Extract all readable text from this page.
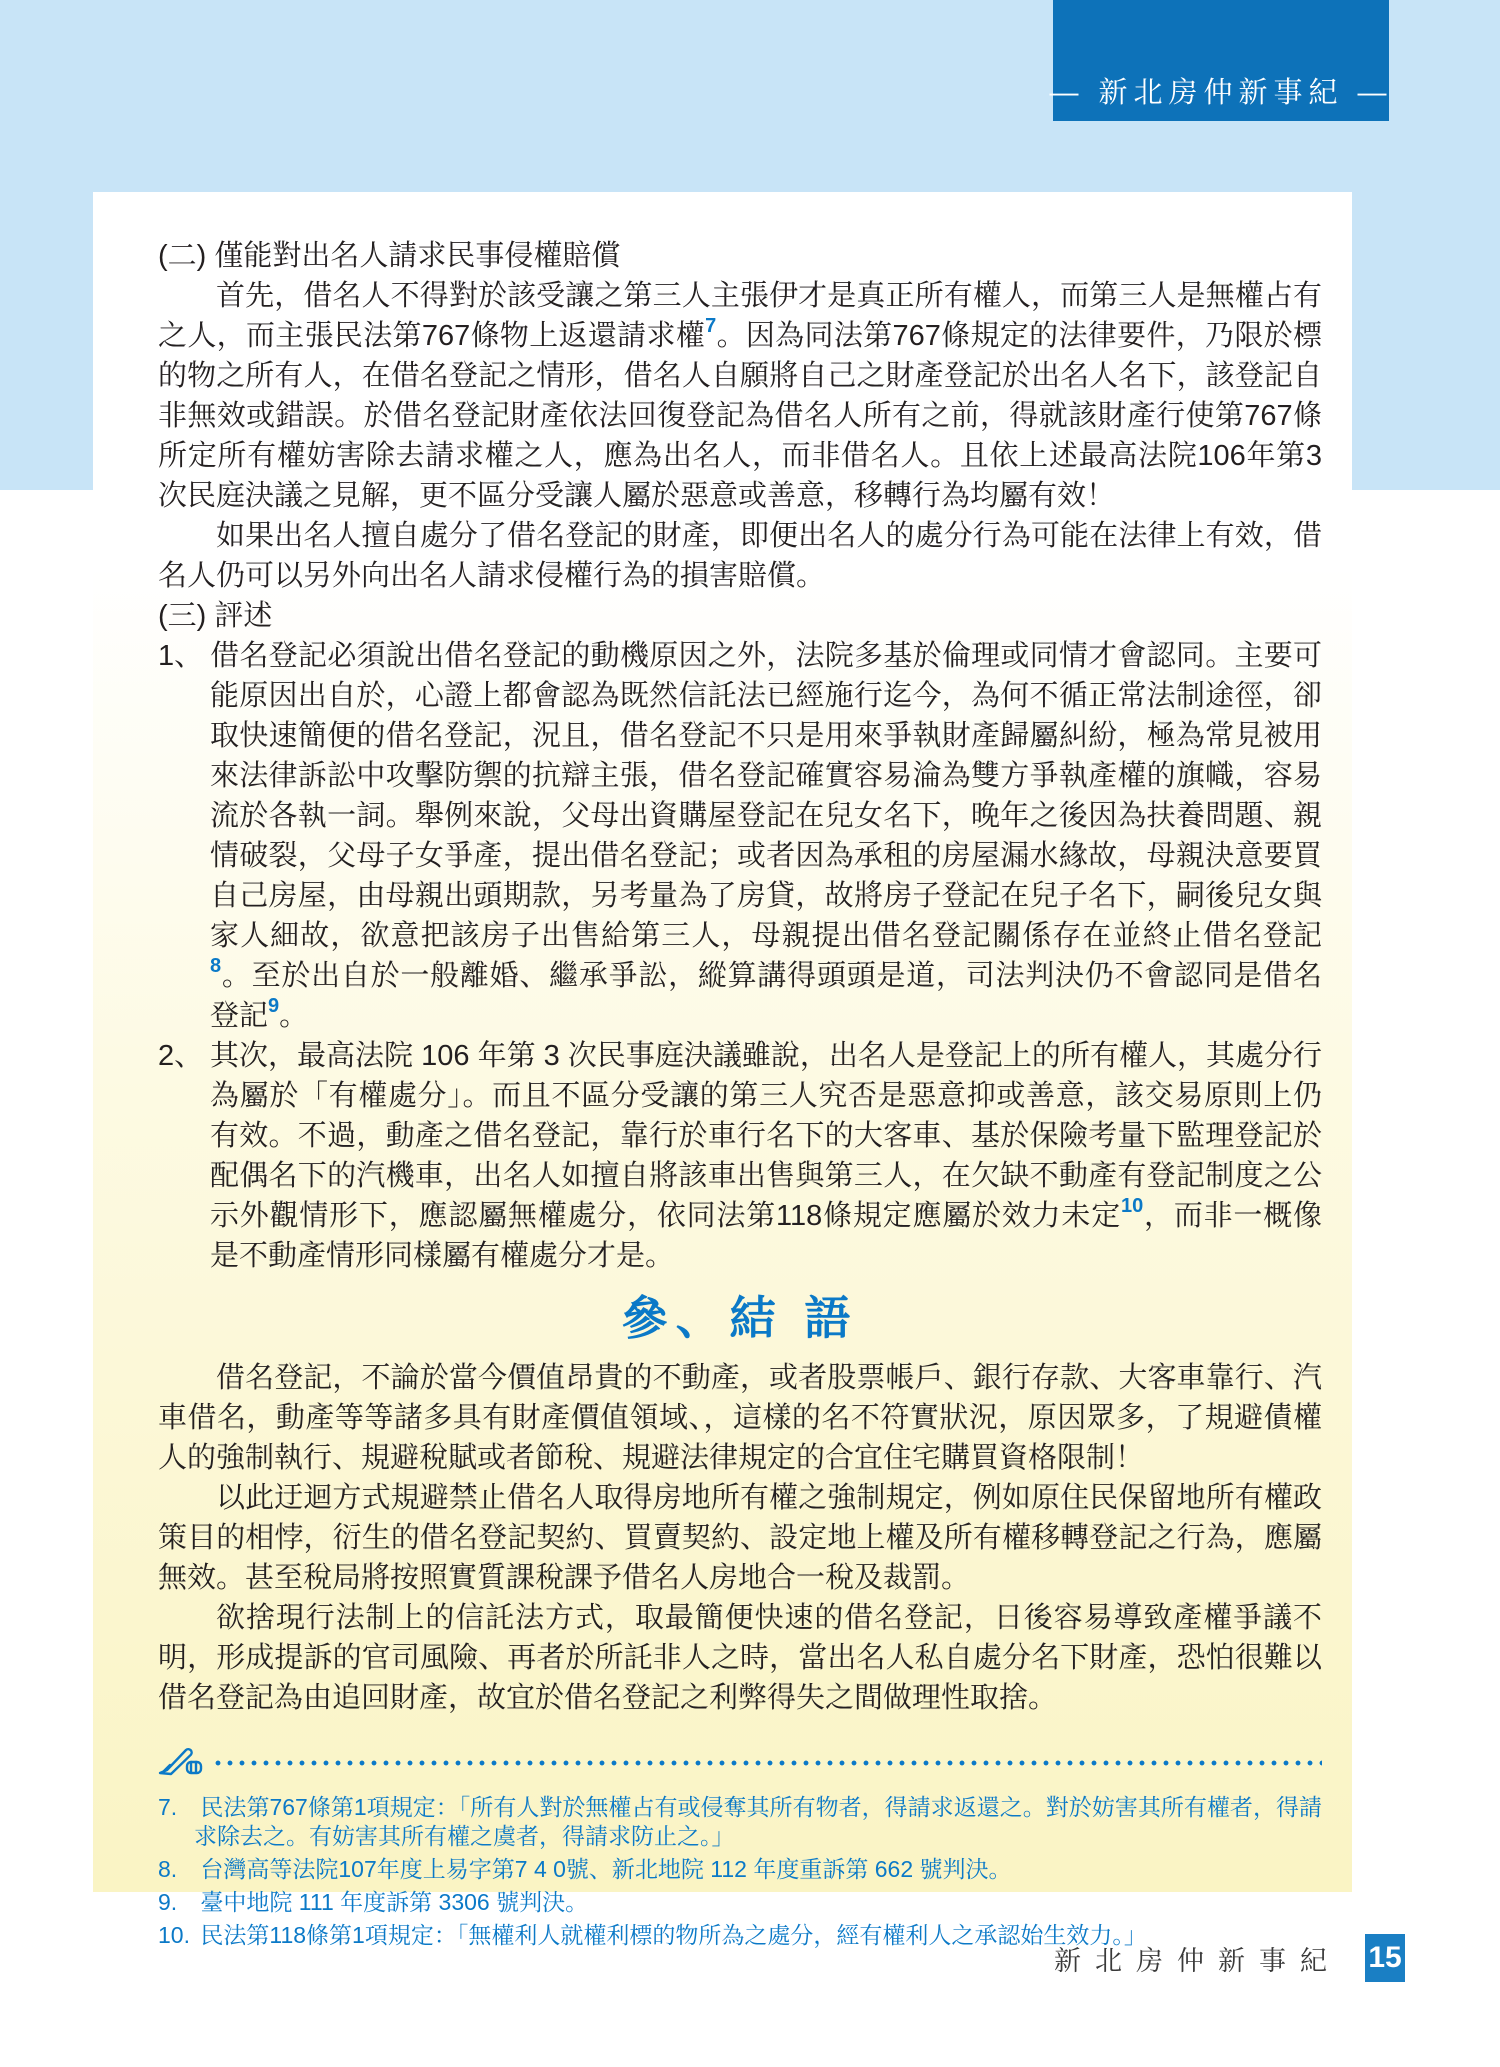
— 新北房仲新事紀 —
(二) 僅能對出名人請求民事侵權賠償
首先，借名人不得對於該受讓之第三人主張伊才是真正所有權人，而第三人是無權占有之人，而主張民法第767條物上返還請求權$^7$。因為同法第767條規定的法律要件，乃限於標的物之所有人，在借名登記之情形，借名人自願將自己之財產登記於出名人名下，該登記自非無效或錯誤。於借名登記財產依法回復登記為借名人所有之前，得就該財產行使第767條所定所有權妨害除去請求權之人，應為出名人，而非借名人。且依上述最高法院106年第3次民庭決議之見解，更不區分受讓人屬於惡意或善意，移轉行為均屬有效！
如果出名人擅自處分了借名登記的財產，即便出名人的處分行為可能在法律上有效，借名人仍可以另外向出名人請求侵權行為的損害賠償。
(三) 評述
1、 借名登記必須說出借名登記的動機原因之外，法院多基於倫理或同情才會認同。主要可能原因出自於，心證上都會認為既然信託法已經施行迄今，為何不循正常法制途徑，卻取快速簡便的借名登記，況且，借名登記不只是用來爭執財產歸屬糾紛，極為常見被用來法律訴訟中攻擊防禦的抗辯主張，借名登記確實容易淪為雙方爭執產權的旗幟，容易流於各執一詞。舉例來說，父母出資購屋登記在兒女名下，晚年之後因為扶養問題、親情破裂，父母子女爭產，提出借名登記；或者因為承租的房屋漏水緣故，母親決意要買自己房屋，由母親出頭期款，另考量為了房貸，故將房子登記在兒子名下，嗣後兒女與家人細故，欲意把該房子出售給第三人，母親提出借名登記關係存在並終止借名登記$^8$。至於出自於一般離婚、繼承爭訟，縱算講得頭頭是道，司法判決仍不會認同是借名登記$^9$。
2、 其次，最高法院 106 年第 3 次民事庭決議雖說，出名人是登記上的所有權人，其處分行為屬於「有權處分」。而且不區分受讓的第三人究否是惡意抑或善意，該交易原則上仍有效。不過，動產之借名登記，靠行於車行名下的大客車、基於保險考量下監理登記於配偶名下的汽機車，出名人如擅自將該車出售與第三人，在欠缺不動產有登記制度之公示外觀情形下，應認屬無權處分，依同法第118條規定應屬於效力未定$^{10}$，而非一概像是不動產情形同樣屬有權處分才是。
參、結 語
借名登記，不論於當今價值昂貴的不動產，或者股票帳戶、銀行存款、大客車靠行、汽車借名，動產等等諸多具有財產價值領域、，這樣的名不符實狀況，原因眾多，了規避債權人的強制執行、規避稅賦或者節稅、規避法律規定的合宜住宅購買資格限制！
以此迂迴方式規避禁止借名人取得房地所有權之強制規定，例如原住民保留地所有權政策目的相悖，衍生的借名登記契約、買賣契約、設定地上權及所有權移轉登記之行為，應屬無效。甚至稅局將按照實質課稅課予借名人房地合一稅及裁罰。
欲捨現行法制上的信託法方式，取最簡便快速的借名登記，日後容易導致產權爭議不明，形成提訴的官司風險、再者於所託非人之時，當出名人私自處分名下財產，恐怕很難以借名登記為由追回財產，故宜於借名登記之利弊得失之間做理性取捨。
7. 民法第767條第1項規定：「所有人對於無權占有或侵奪其所有物者，得請求返還之。對於妨害其所有權者，得請求除去之。有妨害其所有權之虞者，得請求防止之。」
8. 台灣高等法院107年度上易字第7 4 0號、新北地院 112 年度重訴第 662 號判決。
9. 臺中地院 111 年度訴第 3306 號判決。
10. 民法第118條第1項規定：「無權利人就權利標的物所為之處分，經有權利人之承認始生效力。」
新北房仲新事紀 15
